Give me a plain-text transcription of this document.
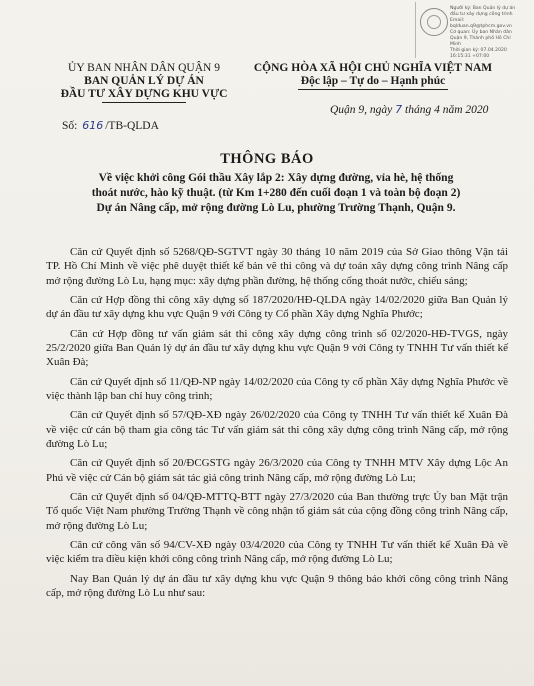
Người ký: Ban Quản lý dự án
đầu tư xây dựng công trình
Email:
bqlduan.q9@tphcm.gov.vn
Cơ quan: Ủy ban Nhân dân
Quận 9, Thành phố Hồ Chí Minh
Thời gian ký: 07.04.2020
16:15:31 +07:00
ỦY BAN NHÂN DÂN QUẬN 9
BAN QUẢN LÝ DỰ ÁN
ĐẦU TƯ XÂY DỰNG KHU VỰC
CỘNG HÒA XÃ HỘI CHỦ NGHĨA VIỆT NAM
Độc lập – Tự do – Hạnh phúc
Quận 9, ngày 7 tháng 4 năm 2020
Số: 616 /TB-QLDA
THÔNG BÁO
Về việc khởi công Gói thầu Xây lắp 2: Xây dựng đường, vỉa hè, hệ thống
thoát nước, hào kỹ thuật. (từ Km 1+280 đến cuối đoạn 1 và toàn bộ đoạn 2)
Dự án Nâng cấp, mở rộng đường Lò Lu, phường Trường Thạnh, Quận 9.

Căn cứ Quyết định số 5268/QĐ-SGTVT ngày 30 tháng 10 năm 2019 của Sở Giao thông Vận tải TP. Hồ Chí Minh về việc phê duyệt thiết kế bản vẽ thi công và dự toán xây dựng công trình Nâng cấp mở rộng đường Lò Lu, hạng mục: xây dựng phần đường, hệ thống cống thoát nước, chiếu sáng;

Căn cứ Hợp đồng thi công xây dựng số 187/2020/HĐ-QLDA ngày 14/02/2020 giữa Ban Quản lý dự án đầu tư xây dựng khu vực Quận 9 với Công ty Cổ phần Xây dựng Nghĩa Phước;

Căn cứ Hợp đồng tư vấn giám sát thi công xây dựng công trình số 02/2020-HĐ-TVGS, ngày 25/2/2020 giữa Ban Quản lý dự án đầu tư xây dựng khu vực Quận 9 với Công ty TNHH Tư vấn thiết kế Xuân Đà;

Căn cứ Quyết định số 11/QĐ-NP ngày 14/02/2020 của Công ty cổ phần Xây dựng Nghĩa Phước về việc thành lập ban chỉ huy công trình;

Căn cứ Quyết định số 57/QĐ-XĐ ngày 26/02/2020 của Công ty TNHH Tư vấn thiết kế Xuân Đà về việc cử cán bộ tham gia công tác Tư vấn giám sát thi công xây dựng công trình Nâng cấp, mở rộng đường Lò Lu;

Căn cứ Quyết định số 20/ĐCGSTG ngày 26/3/2020 của Công ty TNHH MTV Xây dựng Lộc An Phú về việc cử Cán bộ giám sát tác giả công trình Nâng cấp, mở rộng đường Lò Lu;

Căn cứ Quyết định số 04/QĐ-MTTQ-BTT ngày 27/3/2020 của Ban thường trực Ủy ban Mặt trận Tổ quốc Việt Nam phường Trường Thạnh về công nhận tổ giám sát của cộng đồng công trình Nâng cấp, mở rộng đường Lò Lu;

Căn cứ công văn số 94/CV-XĐ ngày 03/4/2020 của Công ty TNHH Tư vấn thiết kế Xuân Đà về việc kiểm tra điều kiện khởi công công trình Nâng cấp, mở rộng đường Lò Lu;

Nay Ban Quản lý dự án đầu tư xây dựng khu vực Quận 9 thông báo khởi công công trình Nâng cấp, mở rộng đường Lò Lu như sau:
